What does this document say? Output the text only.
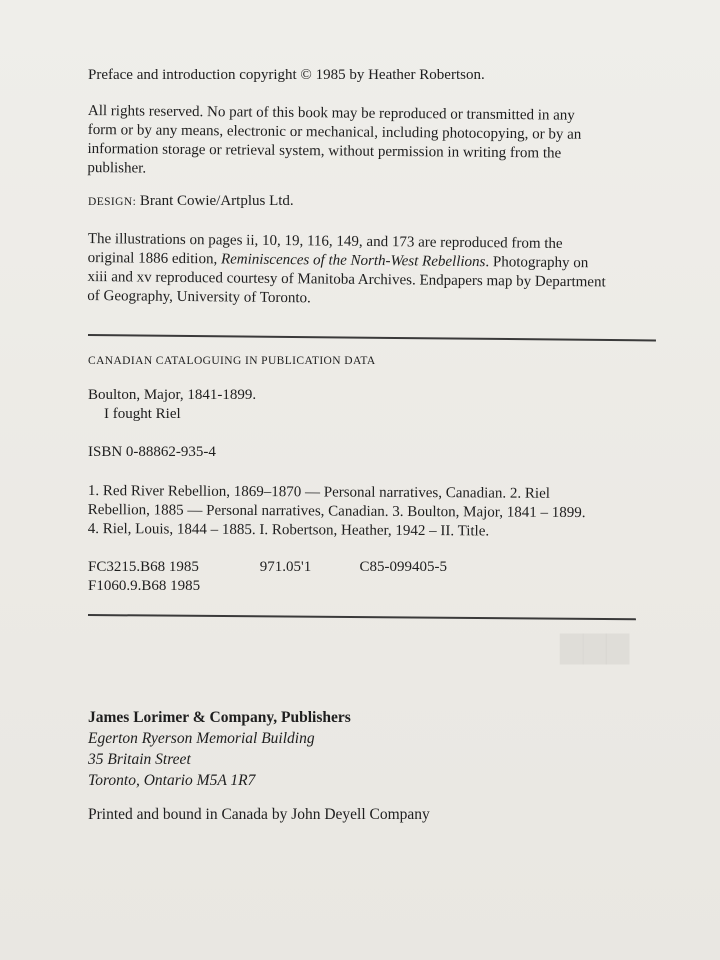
Preface and introduction copyright © 1985 by Heather Robertson.

All rights reserved. No part of this book may be reproduced or transmitted in any
form or by any means, electronic or mechanical, including photocopying, or by an
information storage or retrieval system, without permission in writing from the
publisher.
DESIGN: Brant Cowie/Artplus Ltd.
The illustrations on pages ii, 10, 19, 116, 149, and 173 are reproduced from the
original 1886 edition, Reminiscences of the North-West Rebellions. Photography on
xiii and xv reproduced courtesy of Manitoba Archives. Endpapers map by Department
of Geography, University of Toronto.
CANADIAN CATALOGUING IN PUBLICATION DATA
Boulton, Major, 1841-1899.
I fought Riel
ISBN 0-88862-935-4
1. Red River Rebellion, 1869–1870 — Personal narratives, Canadian. 2. Riel
Rebellion, 1885 — Personal narratives, Canadian. 3. Boulton, Major, 1841 – 1899.
4. Riel, Louis, 1844 – 1885. I. Robertson, Heather, 1942 – II. Title.
FC3215.B68 1985	971.05'1	C85-099405-5
F1060.9.B68 1985
▇▇▇
James Lorimer & Company, Publishers
Egerton Ryerson Memorial Building
35 Britain Street
Toronto, Ontario M5A 1R7
Printed and bound in Canada by John Deyell Company
